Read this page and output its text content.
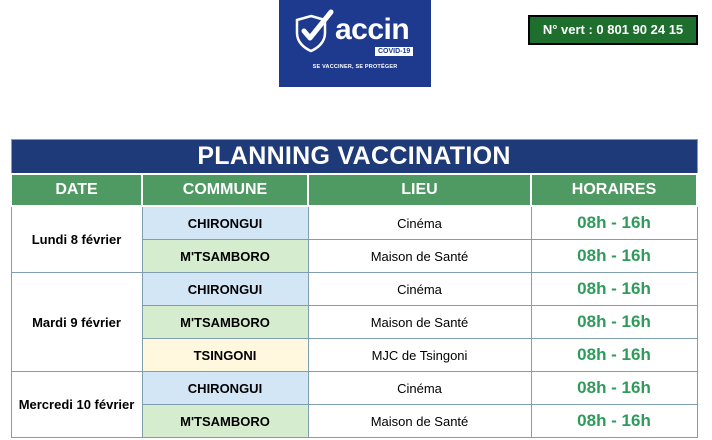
accin
COVID-19
SE VACCINER, SE PROTÉGER
N° vert : 0 801 90 24 15
PLANNING VACCINATION			
DATE	COMMUNE	LIEU	HORAIRES
Lundi 8 février	CHIRONGUI	Cinéma	08h - 16h
	M'TSAMBORO	Maison de Santé	08h - 16h
Mardi 9 février	CHIRONGUI	Cinéma	08h - 16h
	M'TSAMBORO	Maison de Santé	08h - 16h
	TSINGONI	MJC de Tsingoni	08h - 16h
Mercredi 10 février	CHIRONGUI	Cinéma	08h - 16h
	M'TSAMBORO	Maison de Santé	08h - 16h
